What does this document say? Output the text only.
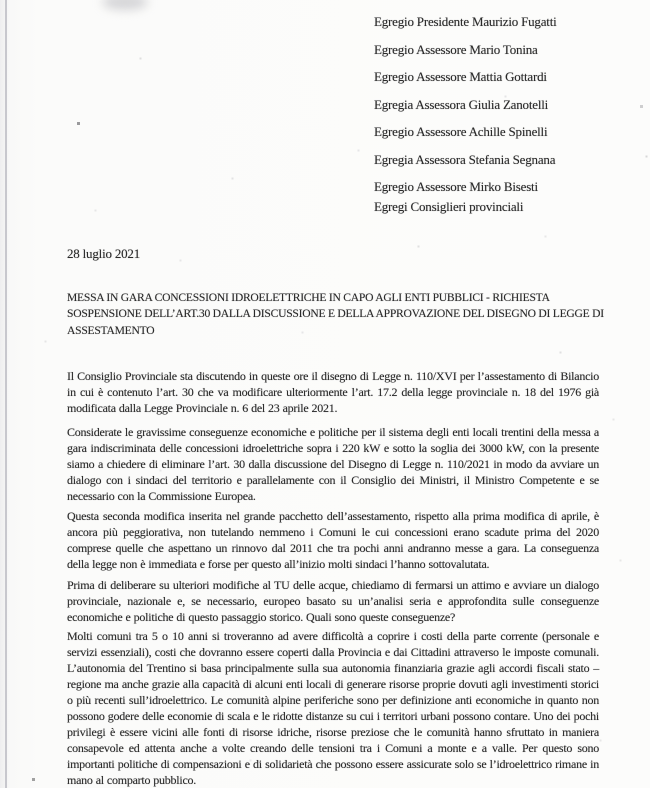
Egregio Presidente Maurizio Fugatti
Egregio Assessore Mario Tonina
Egregio Assessore Mattia Gottardi
Egregia Assessora Giulia Zanotelli
Egregio Assessore Achille Spinelli
Egregia Assessora Stefania Segnana
Egregio Assessore Mirko Bisesti
Egregi Consiglieri provinciali
28 luglio 2021
MESSA IN GARA CONCESSIONI IDROELETTRICHE IN CAPO AGLI ENTI PUBBLICI - RICHIESTA SOSPENSIONE DELL’ART.30 DALLA DISCUSSIONE E DELLA APPROVAZIONE DEL DISEGNO DI LEGGE DI ASSESTAMENTO
Il Consiglio Provinciale sta discutendo in queste ore il disegno di Legge n. 110/XVI per l’assestamento di Bilancio in cui è contenuto l’art. 30 che va modificare ulteriormente l’art. 17.2 della legge provinciale n. 18 del 1976 già modificata dalla Legge Provinciale n. 6 del 23 aprile 2021.
Considerate le gravissime conseguenze economiche e politiche per il sistema degli enti locali trentini della messa a gara indiscriminata delle concessioni idroelettriche sopra i 220 kW e sotto la soglia dei 3000 kW, con la presente siamo a chiedere di eliminare l’art. 30 dalla discussione del Disegno di Legge n. 110/2021 in modo da avviare un dialogo con i sindaci del territorio e parallelamente con il Consiglio dei Ministri, il Ministro Competente e se necessario con la Commissione Europea.
Questa seconda modifica inserita nel grande pacchetto dell’assestamento, rispetto alla prima modifica di aprile, è ancora più peggiorativa, non tutelando nemmeno i Comuni le cui concessioni erano scadute prima del 2020 comprese quelle che aspettano un rinnovo dal 2011 che tra pochi anni andranno messe a gara. La conseguenza della legge non è immediata e forse per questo all’inizio molti sindaci l’hanno sottovalutata.
Prima di deliberare su ulteriori modifiche al TU delle acque, chiediamo di fermarsi un attimo e avviare un dialogo provinciale, nazionale e, se necessario, europeo basato su un’analisi seria e approfondita sulle conseguenze economiche e politiche di questo passaggio storico. Quali sono queste conseguenze?
Molti comuni tra 5 o 10 anni si troveranno ad avere difficoltà a coprire i costi della parte corrente (personale e servizi essenziali), costi che dovranno essere coperti dalla Provincia e dai Cittadini attraverso le imposte comunali. L’autonomia del Trentino si basa principalmente sulla sua autonomia finanziaria grazie agli accordi fiscali stato – regione ma anche grazie alla capacità di alcuni enti locali di generare risorse proprie dovuti agli investimenti storici o più recenti sull’idroelettrico. Le comunità alpine periferiche sono per definizione anti economiche in quanto non possono godere delle economie di scala e le ridotte distanze su cui i territori urbani possono contare. Uno dei pochi privilegi è essere vicini alle fonti di risorse idriche, risorse preziose che le comunità hanno sfruttato in maniera consapevole ed attenta anche a volte creando delle tensioni tra i Comuni a monte e a valle. Per questo sono importanti politiche di compensazioni e di solidarietà che possono essere assicurate solo se l’idroelettrico rimane in mano al comparto pubblico.
